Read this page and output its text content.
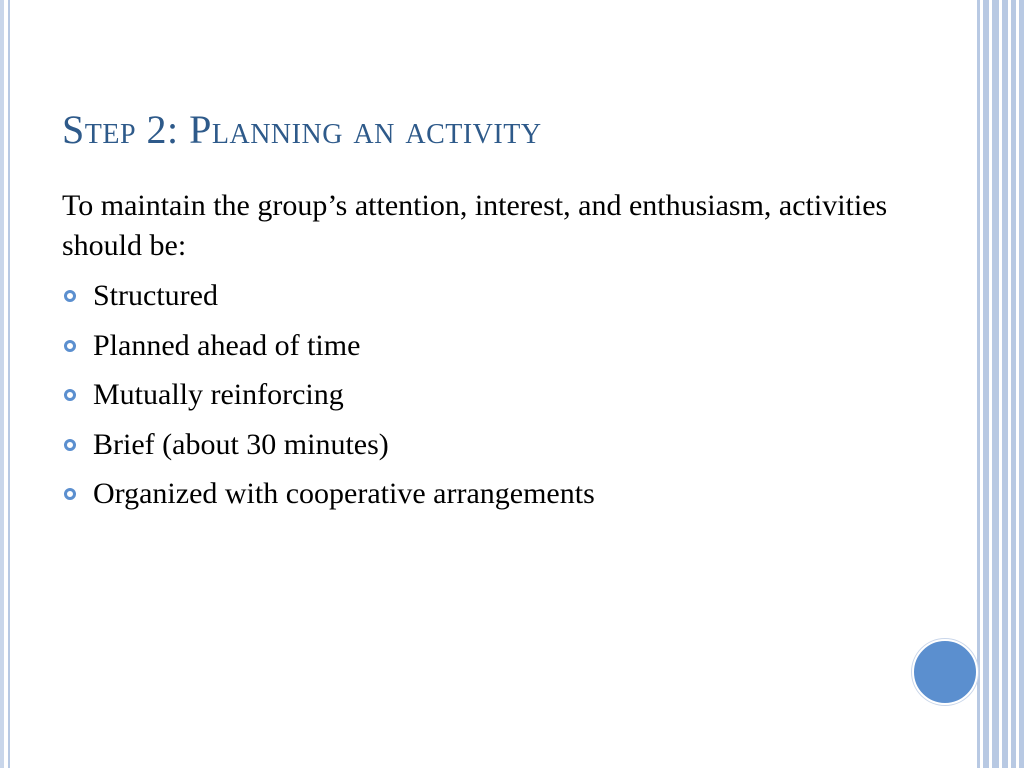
Step 2: Planning an activity

To maintain the group’s attention, interest, and enthusiasm, activities should be:

Structured
Planned ahead of time
Mutually reinforcing
Brief (about 30 minutes)
Organized with cooperative arrangements
